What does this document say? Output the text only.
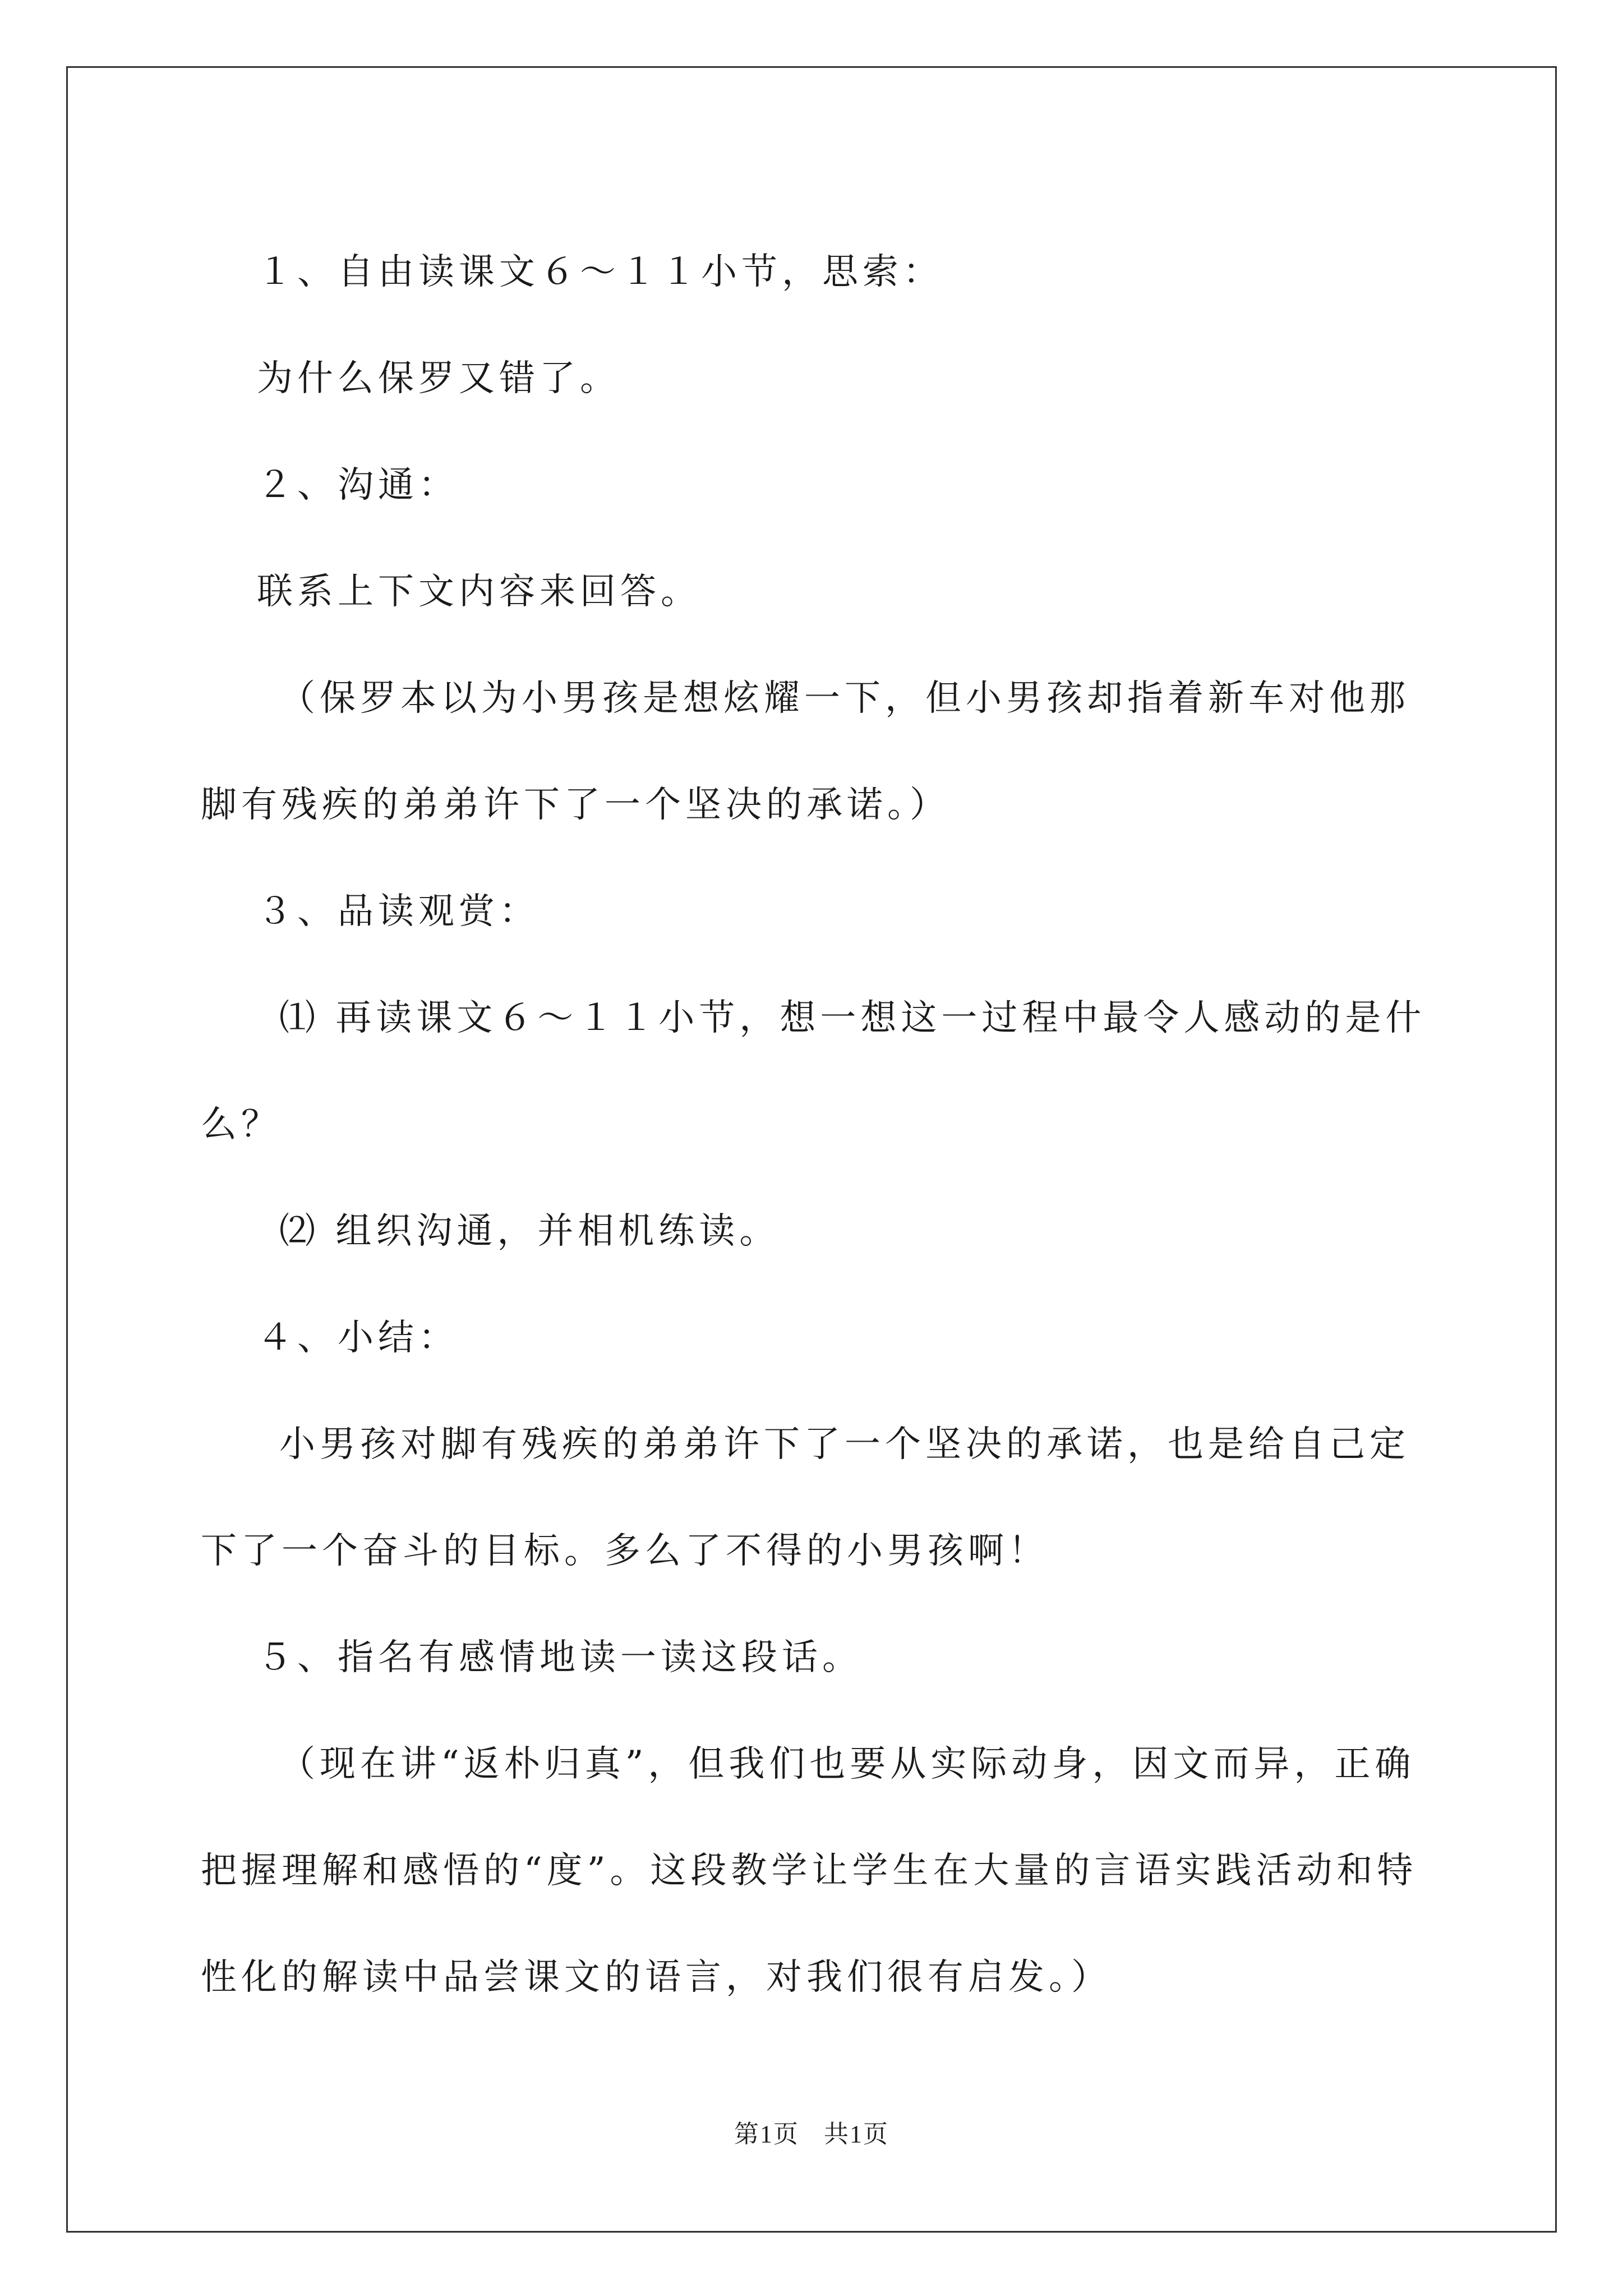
１、自由读课文６～１１小节，思索：

为什么保罗又错了。

２、沟通：

联系上下文内容来回答。

（保罗本以为小男孩是想炫耀一下，但小男孩却指着新车对他那脚有残疾的弟弟许下了一个坚决的承诺。）

３、品读观赏：

⑴ 再读课文６～１１小节，想一想这一过程中最令人感动的是什么？

⑵ 组织沟通，并相机练读。

４、小结：

小男孩对脚有残疾的弟弟许下了一个坚决的承诺，也是给自己定下了一个奋斗的目标。多么了不得的小男孩啊！

５、指名有感情地读一读这段话。

（现在讲“返朴归真”，但我们也要从实际动身，因文而异，正确把握理解和感悟的“度”。这段教学让学生在大量的言语实践活动和特性化的解读中品尝课文的语言，对我们很有启发。）

第1页 共1页
